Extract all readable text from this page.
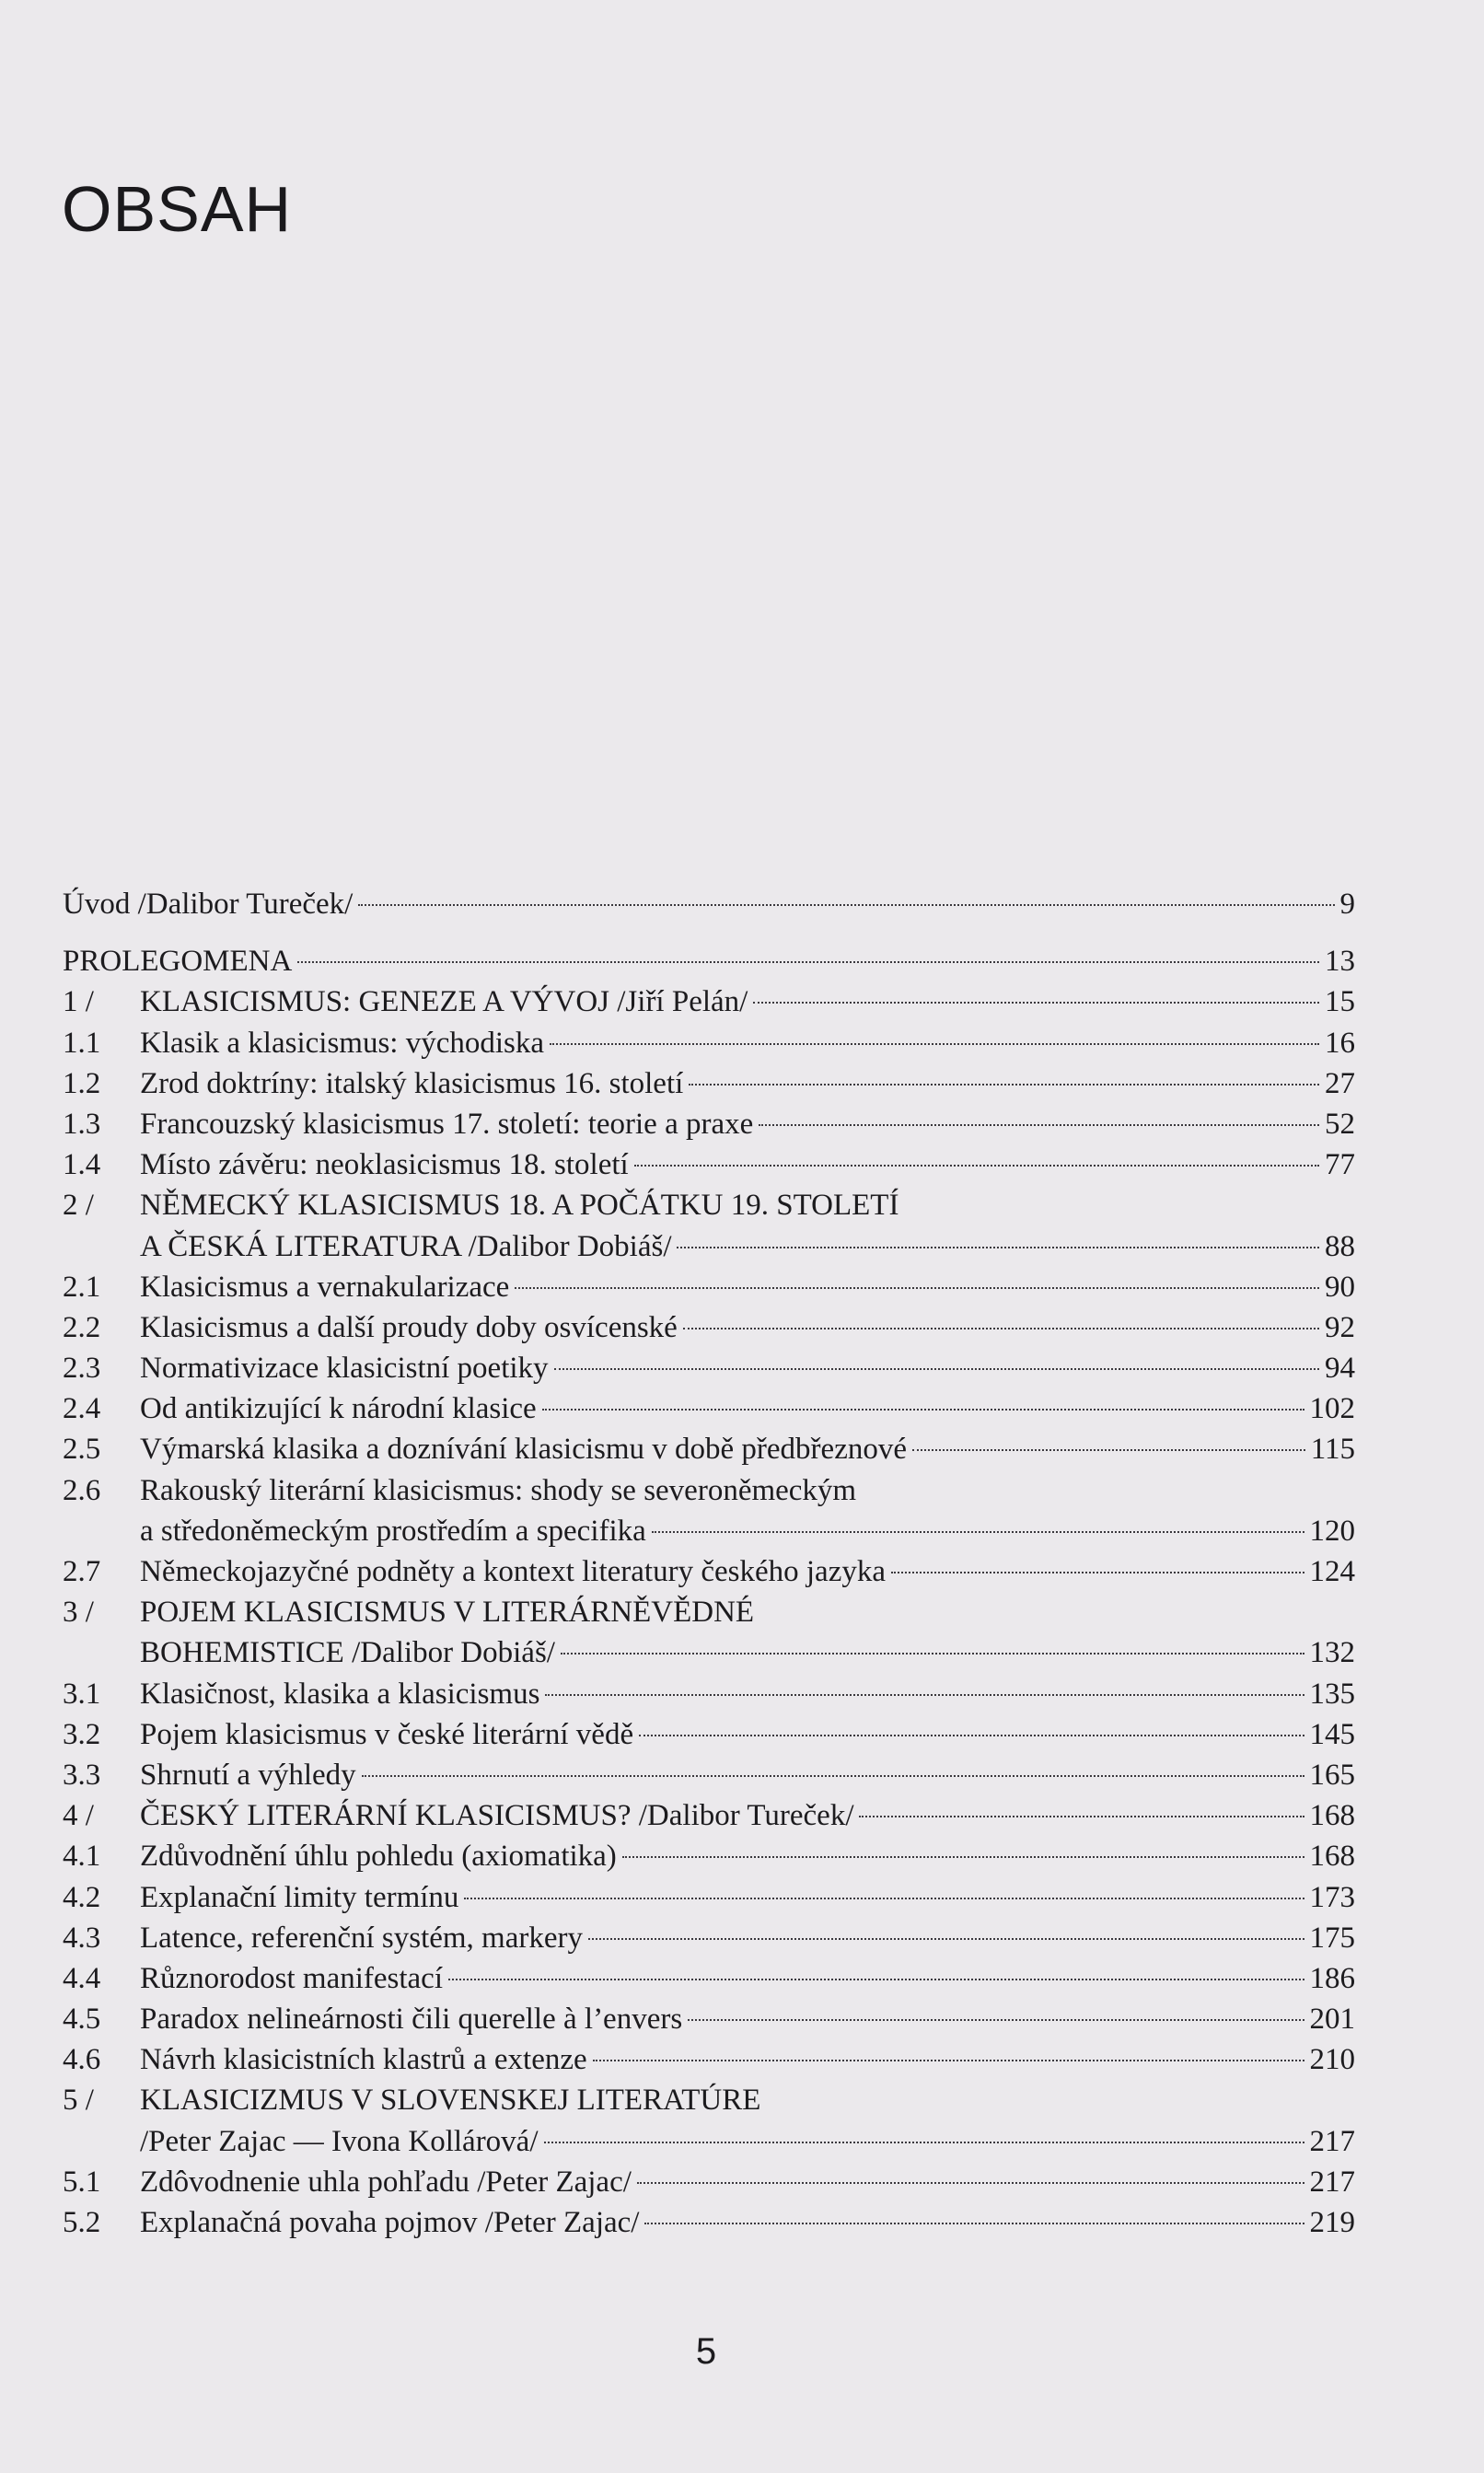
OBSAH
Úvod /Dalibor Tureček/	9
PROLEGOMENA	13
1 /	KLASICISMUS: GENEZE A VÝVOJ /Jiří Pelán/	15
1.1	Klasik a klasicismus: východiska	16
1.2	Zrod doktríny: italský klasicismus 16. století	27
1.3	Francouzský klasicismus 17. století: teorie a praxe	52
1.4	Místo závěru: neoklasicismus 18. století	77
2 /	NĚMECKÝ KLASICISMUS 18. A POČÁTKU 19. STOLETÍ
A ČESKÁ LITERATURA /Dalibor Dobiáš/	88
2.1	Klasicismus a vernakularizace	90
2.2	Klasicismus a další proudy doby osvícenské	92
2.3	Normativizace klasicistní poetiky	94
2.4	Od antikizující k národní klasice	102
2.5	Výmarská klasika a doznívání klasicismu v době předbřeznové	115
2.6	Rakouský literární klasicismus: shody se severoněmeckým
a středoněmeckým prostředím a specifika	120
2.7	Německojazyčné podněty a kontext literatury českého jazyka	124
3 /	POJEM KLASICISMUS V LITERÁRNĚVĚDNÉ
BOHEMISTICE /Dalibor Dobiáš/	132
3.1	Klasičnost, klasika a klasicismus	135
3.2	Pojem klasicismus v české literární vědě	145
3.3	Shrnutí a výhledy	165
4 /	ČESKÝ LITERÁRNÍ KLASICISMUS? /Dalibor Tureček/	168
4.1	Zdůvodnění úhlu pohledu (axiomatika)	168
4.2	Explanační limity termínu	173
4.3	Latence, referenční systém, markery	175
4.4	Různorodost manifestací	186
4.5	Paradox nelineárnosti čili querelle à l’envers	201
4.6	Návrh klasicistních klastrů a extenze	210
5 /	KLASICIZMUS V SLOVENSKEJ LITERATÚRE
/Peter Zajac — Ivona Kollárová/	217
5.1	Zdôvodnenie uhla pohľadu /Peter Zajac/	217
5.2	Explanačná povaha pojmov /Peter Zajac/	219
5
